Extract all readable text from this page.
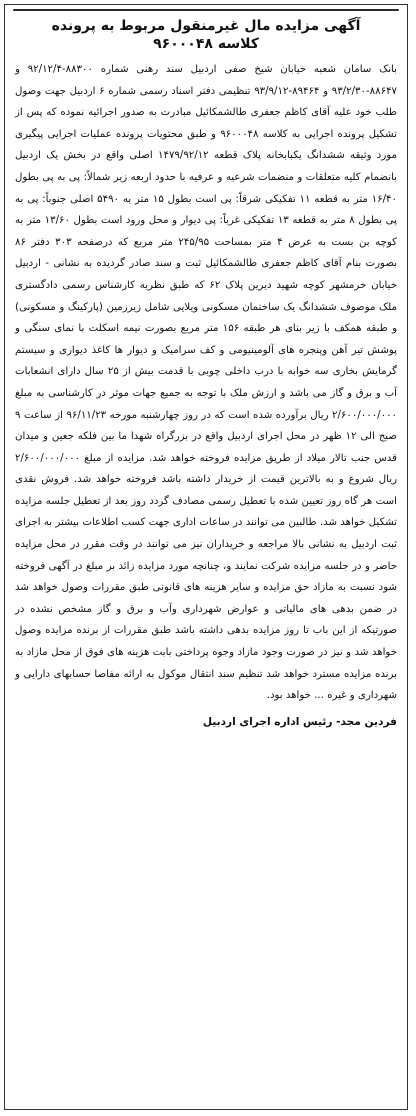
آگهی مزایده مال غیرمنقول مربوط به پرونده
کلاسه ۹۶۰۰۰۴۸

بانک سامان شعبه خیابان شیخ صفی اردبیل سند رهنی شماره ۸۸۳۰۰-۹۲/۱۲/۴ و ۸۸۶۴۷-۹۳/۲/۳۰ و ۸۹۴۶۴-۹۳/۹/۱۲ تنظیمی دفتر اسناد رسمی شماره ۶ اردبیل جهت وصول طلب خود علیه آقای کاظم جعفری طالشمکائیل مبادرت به صدور اجرائیه نموده که پس از تشکیل پرونده اجرایی به کلاسه ۹۶۰۰۰۴۸ و طبق محتویات پرونده عملیات اجرایی پیگیری مورد وثیقه ششدانگ یکبابخانه پلاک قطعه ۱۴۷۹/۹۲/۱۲ اصلی واقع در بخش یک اردبیل بانضمام کلیه متعلقات و منضمات شرعیه و عرفیه با حدود اربعه زیر شمالاً: پی به پی بطول ۱۶/۴۰ متر به قطعه ۱۱ تفکیکی شرقاً: پی است بطول ۱۵ متر به ۵۴۹۰ اصلی جنوباً: پی به پی بطول ۸ متر به قطعه ۱۳ تفکیکی غرباً: پی دیوار و محل ورود است بطول ۱۳/۶۰ متر به کوچه بن بست به عرض ۴ متر بمساحت ۲۴۵/۹۵ متر مربع که درصفحه ۳۰۳ دفتر ۸۶ بصورت بنام آقای کاظم جعفری طالشمکائیل ثبت و سند صادر گردیده به نشانی - اردبیل خیابان خرمشهر کوچه شهید دیرین پلاک ۶۲ که طبق نظریه کارشناس رسمی دادگستری ملک موصوف ششدانگ یک ساختمان مسکونی ویلایی شامل زیرزمین (پارکینگ و مسکونی) و طبقه همکف با زیر بنای هر طبقه ۱۵۶ متر مربع بصورت نیمه اسکلت با نمای سنگی و پوشش تیر آهن وپنجره های آلومینیومی و کف سرامیک و دیوار ها کاغذ دیواری و سیستم گرمایش بخاری سه خوابه با درب داخلی چوبی با قدمت بیش از ۲۵ سال دارای انشعابات آب و برق و گاز می باشد و ارزش ملک با توجه به جمیع جهات موثر در کارشناسی به مبلغ ۲/۶۰۰/۰۰۰/۰۰۰ ریال برآورده شده است که در روز چهارشنبه مورخه ۹۶/۱۱/۲۳ از ساعت ۹ صبح الی ۱۲ ظهر در محل اجرای اردبیل واقع در بزرگراه شهدا ما بین فلکه جعین و میدان قدس جنب تالار میلاد از طریق مزایده فروخته خواهد شد. مزایده از مبلغ ۲/۶۰۰/۰۰۰/۰۰۰ ریال شروع و به بالاترین قیمت از خریدار داشته باشد فروخته خواهد شد. فروش نقدی است هر گاه روز تعیین شده با تعطیل رسمی مصادف گردد روز بعد از تعطیل جلسه مزایده تشکیل خواهد شد. طالبین می توانند در ساعات اداری جهت کسب اطلاعات بیشتر به اجرای ثبت اردبیل به نشانی بالا مراجعه و خریداران نیز می توانند در وقت مقرر در محل مزایده حاضر و در جلسه مزایده شرکت نمایند و، چنانچه مورد مزایده زائد بر مبلغ در آگهی فروخته شود نسبت به مازاد حق مزایده و سایر هزینه های قانونی طبق مقررات وصول خواهد شد در ضمن بدهی های مالیاتی و عوارض شهرداری وآب و برق و گاز مشخص نشده در صورتیکه از این باب تا روز مزایده بدهی داشته باشد طبق مقررات از برنده مزایده وصول خواهد شد و نیز در صورت وجود مازاد وجوه پرداختی بابت هزینه های فوق از محل مازاد به برنده مزایده مسترد خواهد شد تنظیم سند انتقال موکول به ارائه مفاصا حسابهای دارایی و شهرداری و غیره ... خواهد بود.

فردین مجد- رئیس اداره اجرای اردبیل
